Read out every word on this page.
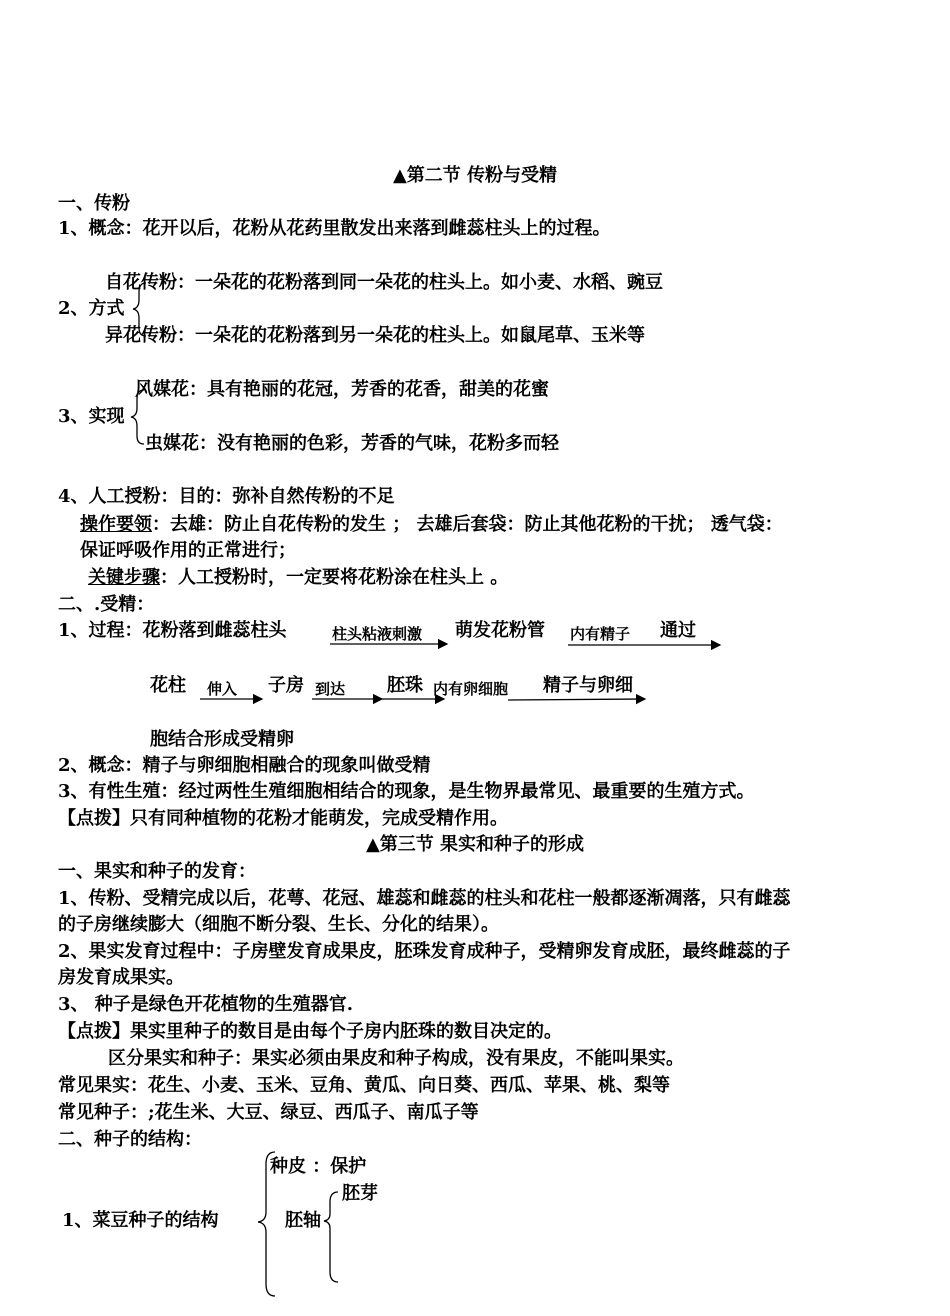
▲第二节 传粉与受精
一、传粉
1、概念：花开以后，花粉从花药里散发出来落到雌蕊柱头上的过程。
自花传粉：一朵花的花粉落到同一朵花的柱头上。如小麦、水稻、豌豆
2、方式
异花传粉：一朵花的花粉落到另一朵花的柱头上。如鼠尾草、玉米等
风媒花：具有艳丽的花冠，芳香的花香，甜美的花蜜
3、实现
虫媒花：没有艳丽的色彩，芳香的气味，花粉多而轻
4、人工授粉：目的：弥补自然传粉的不足
操作要领：去雄：防止自花传粉的发生 ； 去雄后套袋：防止其他花粉的干扰； 透气袋：
保证呼吸作用的正常进行；
关键步骤：人工授粉时，一定要将花粉涂在柱头上 。
二、.受精：
1、过程：花粉落到雌蕊柱头	柱头粘液刺激 萌发花粉管 内有精子 通过
花柱 伸入 子房 到达 胚珠 内有卵细胞 精子与卵细
胞结合形成受精卵
2、概念：精子与卵细胞相融合的现象叫做受精
3、有性生殖：经过两性生殖细胞相结合的现象，是生物界最常见、最重要的生殖方式。
【点拨】只有同种植物的花粉才能萌发，完成受精作用。
▲第三节 果实和种子的形成
一、果实和种子的发育：
1、传粉、受精完成以后，花萼、花冠、雄蕊和雌蕊的柱头和花柱一般都逐渐凋落，只有雌蕊
的子房继续膨大（细胞不断分裂、生长、分化的结果）。
2、果实发育过程中：子房壁发育成果皮，胚珠发育成种子，受精卵发育成胚，最终雌蕊的子
房发育成果实。
3、 种子是绿色开花植物的生殖器官.
【点拨】果实里种子的数目是由每个子房内胚珠的数目决定的。
区分果实和种子：果实必须由果皮和种子构成，没有果皮，不能叫果实。
常见果实：花生、小麦、玉米、豆角、黄瓜、向日葵、西瓜、苹果、桃、梨等
常见种子：;花生米、大豆、绿豆、西瓜子、南瓜子等
二、种子的结构：
种皮 ：保护
胚芽
1、菜豆种子的结构	胚轴
